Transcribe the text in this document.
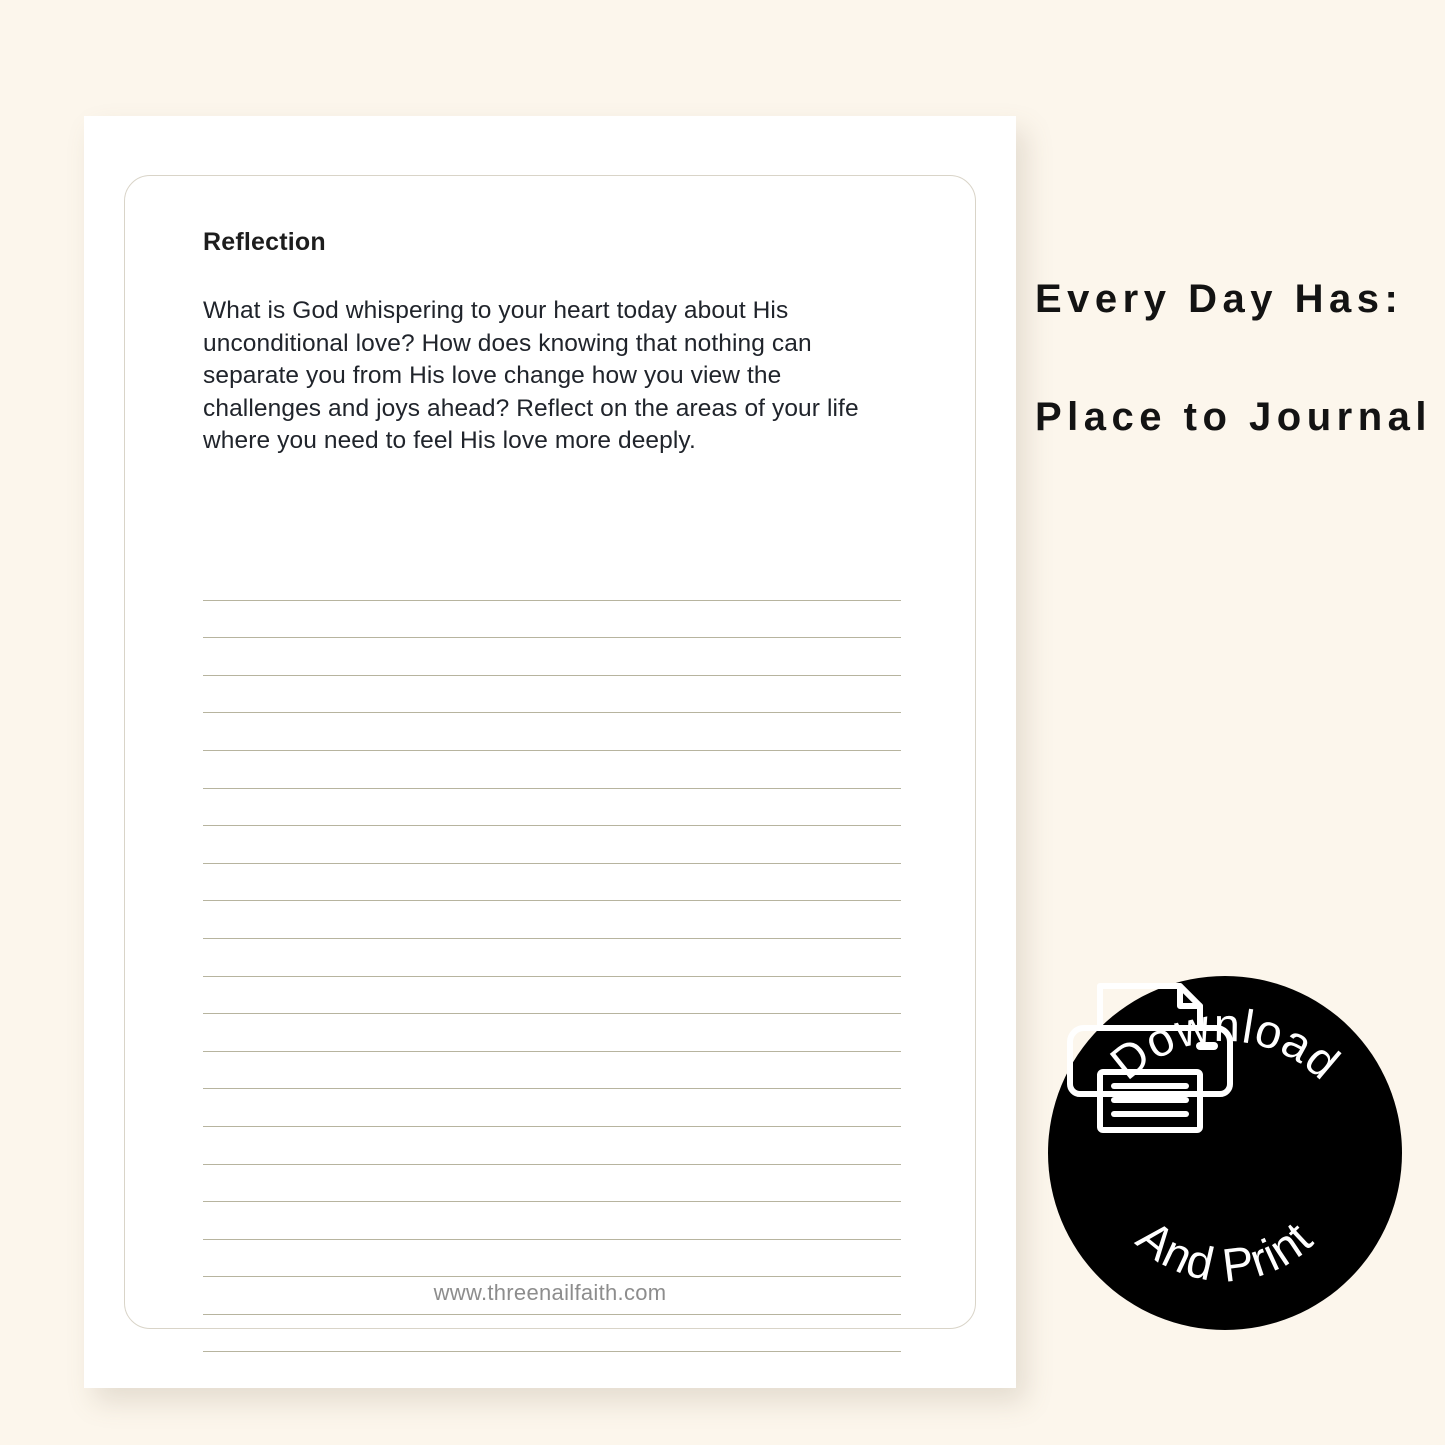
Reflection

What is God whispering to your heart today about His unconditional love? How does knowing that nothing can separate you from His love change how you view the challenges and joys ahead? Reflect on the areas of your life where you need to feel His love more deeply.

www.threenailfaith.com
Every Day Has:
Place to Journal
Download
And Print
